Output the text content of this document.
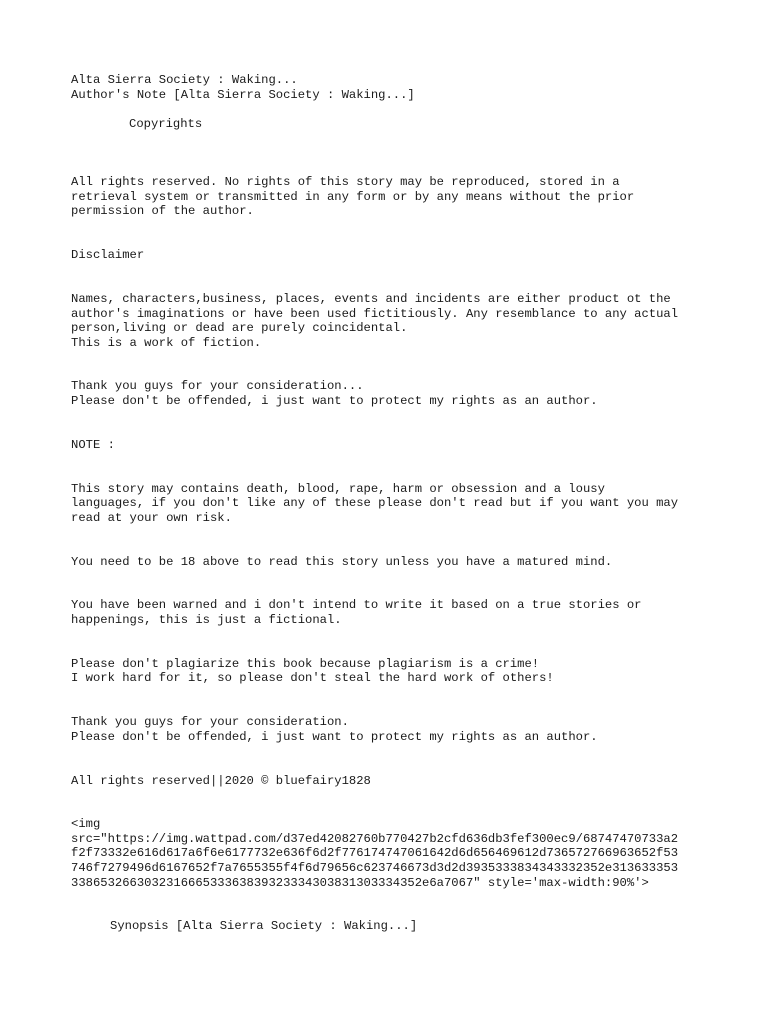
Alta Sierra Society : Waking...
Author's Note [Alta Sierra Society : Waking...]

Copyrights

All rights reserved. No rights of this story may be reproduced, stored in a
retrieval system or transmitted in any form or by any means without the prior
permission of the author.

Disclaimer

Names, characters,business, places, events and incidents are either product ot the
author's imaginations or have been used fictitiously. Any resemblance to any actual
person,living or dead are purely coincidental.
This is a work of fiction.

Thank you guys for your consideration...
Please don't be offended, i just want to protect my rights as an author.

NOTE :

This story may contains death, blood, rape, harm or obsession and a lousy
languages, if you don't like any of these please don't read but if you want you may
read at your own risk.

You need to be 18 above to read this story unless you have a matured mind.

You have been warned and i don't intend to write it based on a true stories or
happenings, this is just a fictional.

Please don't plagiarize this book because plagiarism is a crime!
I work hard for it, so please don't steal the hard work of others!

Thank you guys for your consideration.
Please don't be offended, i just want to protect my rights as an author.

All rights reserved||2020 © bluefairy1828

<img
src="https://img.wattpad.com/d37ed42082760b770427b2cfd636db3fef300ec9/68747470733a2
f2f73332e616d617a6f6e6177732e636f6d2f776174747061642d6d656469612d736572766963652f53
746f7279496d6167652f7a7655355f4f6d79656c623746673d3d2d3935333834343332352e313633353
338653266303231666533363839323334303831303334352e6a7067" style='max-width:90%'>

Synopsis [Alta Sierra Society : Waking...]
